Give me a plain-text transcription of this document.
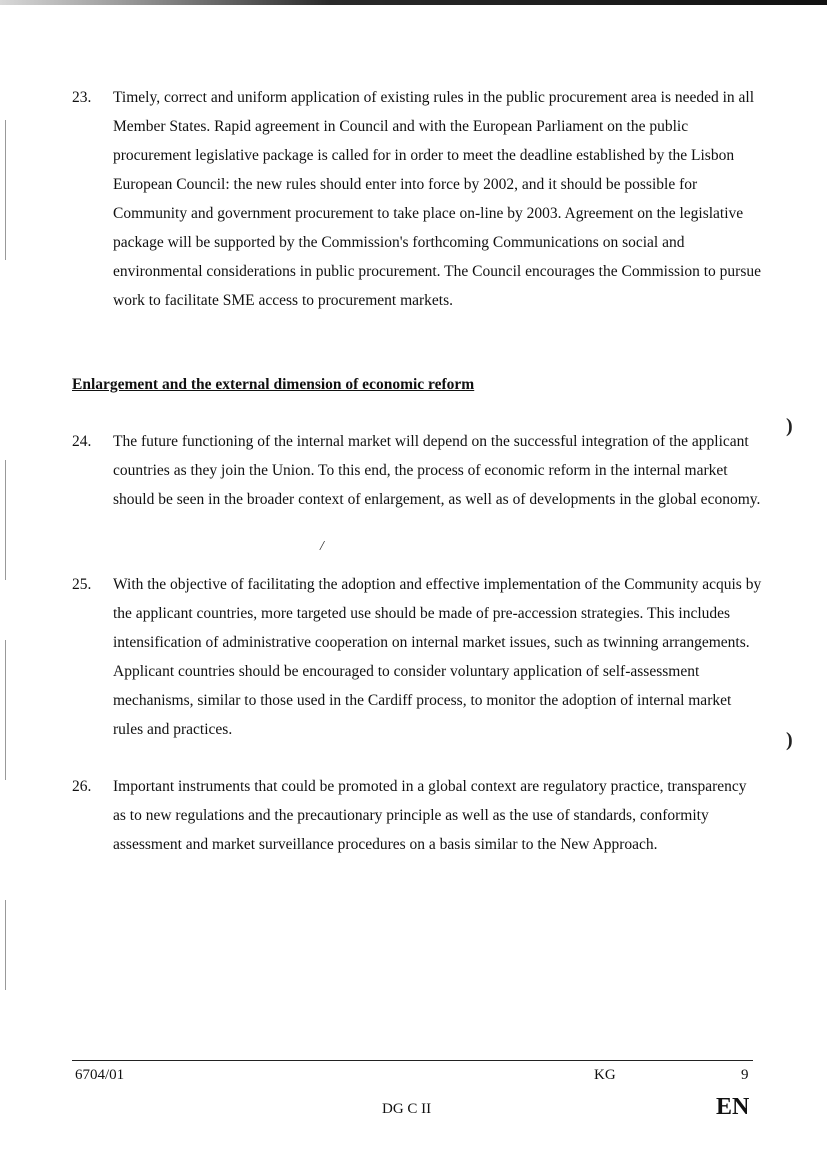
)
)
/
23. Timely, correct and uniform application of existing rules in the public procurement area is needed in all Member States. Rapid agreement in Council and with the European Parliament on the public procurement legislative package is called for in order to meet the deadline established by the Lisbon European Council: the new rules should enter into force by 2002, and it should be possible for Community and government procurement to take place on-line by 2003. Agreement on the legislative package will be supported by the Commission's forthcoming Communications on social and environmental considerations in public procurement. The Council encourages the Commission to pursue work to facilitate SME access to procurement markets.
Enlargement and the external dimension of economic reform
24. The future functioning of the internal market will depend on the successful integration of the applicant countries as they join the Union. To this end, the process of economic reform in the internal market should be seen in the broader context of enlargement, as well as of developments in the global economy.
25. With the objective of facilitating the adoption and effective implementation of the Community acquis by the applicant countries, more targeted use should be made of pre-accession strategies. This includes intensification of administrative cooperation on internal market issues, such as twinning arrangements. Applicant countries should be encouraged to consider voluntary application of self-assessment mechanisms, similar to those used in the Cardiff process, to monitor the adoption of internal market rules and practices.
26. Important instruments that could be promoted in a global context are regulatory practice, transparency as to new regulations and the precautionary principle as well as the use of standards, conformity assessment and market surveillance procedures on a basis similar to the New Approach.
6704/01	KG	9
DG C II	EN
